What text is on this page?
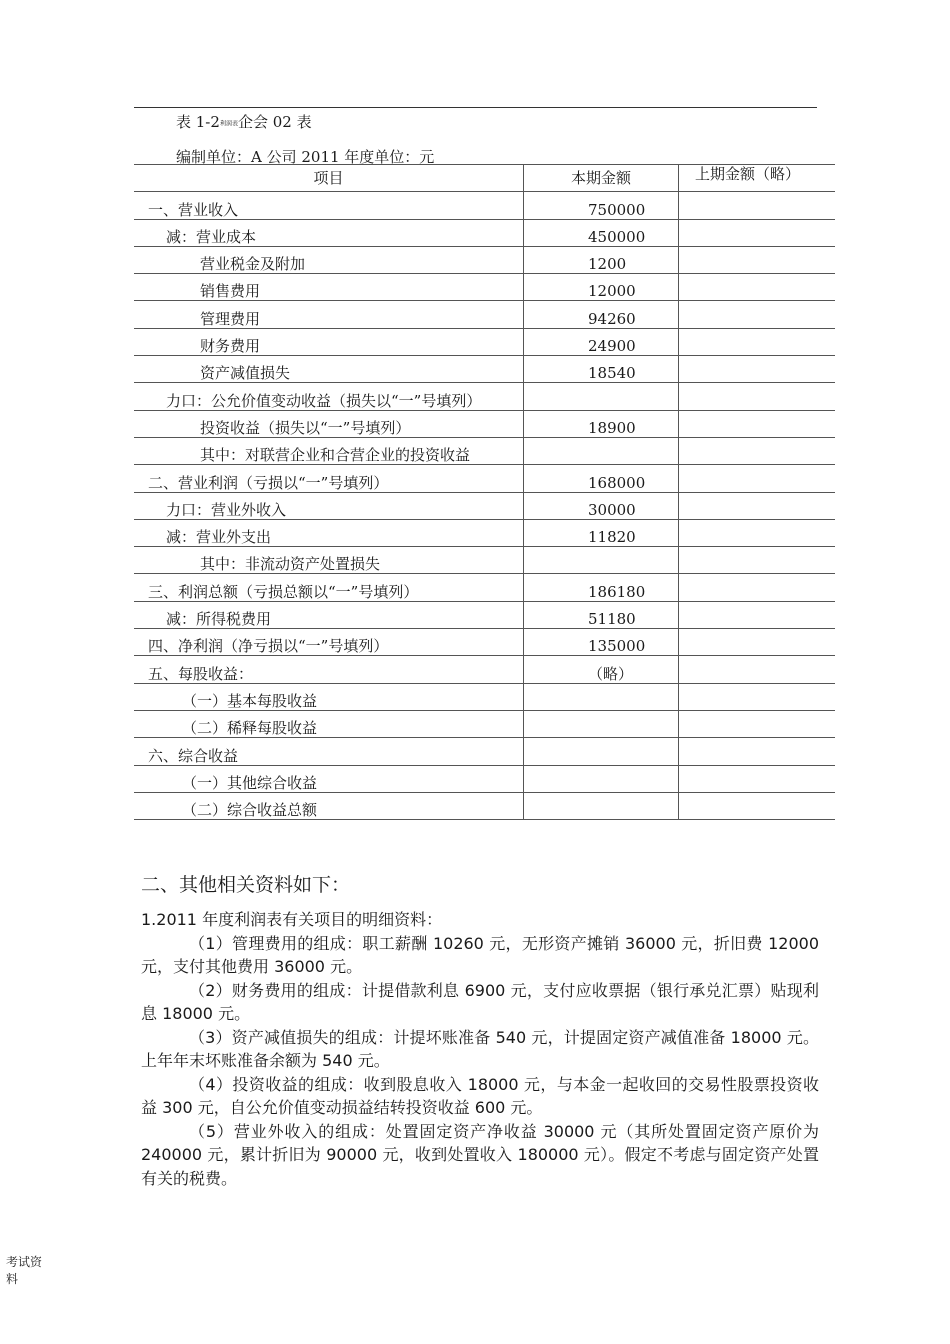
表 1-2利润表企会 02 表
编制单位：A 公司 2011 年度单位：元
项目	本期金额	上期金额（略）
一、营业收入	750000	
减：营业成本	450000	
营业税金及附加	1200	
销售费用	12000	
管理费用	94260	
财务费用	24900	
资产减值损失	18540	
力口：公允价值变动收益（损失以“一”号填列）		
投资收益（损失以“一”号填列）	18900	
其中：对联营企业和合营企业的投资收益		
二、营业利润（亏损以“一”号填列）	168000	
力口：营业外收入	30000	
减：营业外支出	11820	
其中：非流动资产处置损失		
三、利润总额（亏损总额以“一”号填列）	186180	
减：所得税费用	51180	
四、净利润（净亏损以“一”号填列）	135000	
五、每股收益：	（略）	
（一）基本每股收益		
（二）稀释每股收益		
六、综合收益		
（一）其他综合收益		
（二）综合收益总额		
二、其他相关资料如下：

1.2011 年度利润表有关项目的明细资料：

（1）管理费用的组成：职工薪酬 10260 元，无形资产摊销 36000 元，折旧费 12000 元，支付其他费用 36000 元。

（2）财务费用的组成：计提借款利息 6900 元，支付应收票据（银行承兑汇票）贴现利息 18000 元。

（3）资产减值损失的组成：计提坏账准备 540 元，计提固定资产减值准备 18000 元。上年年末坏账准备余额为 540 元。

（4）投资收益的组成：收到股息收入 18000 元，与本金一起收回的交易性股票投资收益 300 元，自公允价值变动损益结转投资收益 600 元。

（5）营业外收入的组成：处置固定资产净收益 30000 元（其所处置固定资产原价为 240000 元，累计折旧为 90000 元，收到处置收入 180000 元）。假定不考虑与固定资产处置有关的税费。

考试资料
